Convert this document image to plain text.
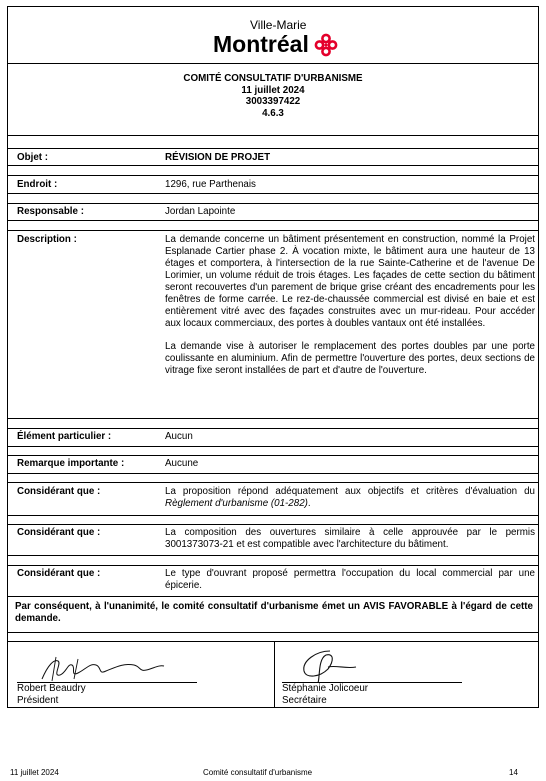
Ville-Marie
Montréal
COMITÉ CONSULTATIF D'URBANISME
11 juillet 2024
3003397422
4.6.3
Objet :	RÉVISION DE PROJET
Endroit :	1296, rue Parthenais
Responsable :	Jordan Lapointe
Description :	La demande concerne un bâtiment présentement en construction, nommé la Projet Esplanade Cartier phase 2. À vocation mixte, le bâtiment aura une hauteur de 13 étages et comportera, à l'intersection de la rue Sainte-Catherine et de l'avenue De Lorimier, un volume réduit de trois étages. Les façades de cette section du bâtiment seront recouvertes d'un parement de brique grise créant des encadrements pour les fenêtres de forme carrée. Le rez-de-chaussée commercial est divisé en baie et est entièrement vitré avec des façades construites avec un mur-rideau. Pour accéder aux locaux commerciaux, des portes à doubles vantaux ont été installées.

La demande vise à autoriser le remplacement des portes doubles par une porte coulissante en aluminium. Afin de permettre l'ouverture des portes, deux sections de vitrage fixe seront installées de part et d'autre de l'ouverture.

Élément particulier :	Aucun
Remarque importante :	Aucune
Considérant que :	La proposition répond adéquatement aux objectifs et critères d'évaluation du Règlement d'urbanisme (01-282).
Considérant que :	La composition des ouvertures similaire à celle approuvée par le permis 3001373073-21 et est compatible avec l'architecture du bâtiment.
Considérant que :	Le type d'ouvrant proposé permettra l'occupation du local commercial par une épicerie.
Par conséquent, à l'unanimité, le comité consultatif d'urbanisme émet un AVIS FAVORABLE à l'égard de cette demande.
Robert Beaudry
Président
Stéphanie Jolicoeur
Secrétaire
11 juillet 2024	Comité consultatif d'urbanisme	14
